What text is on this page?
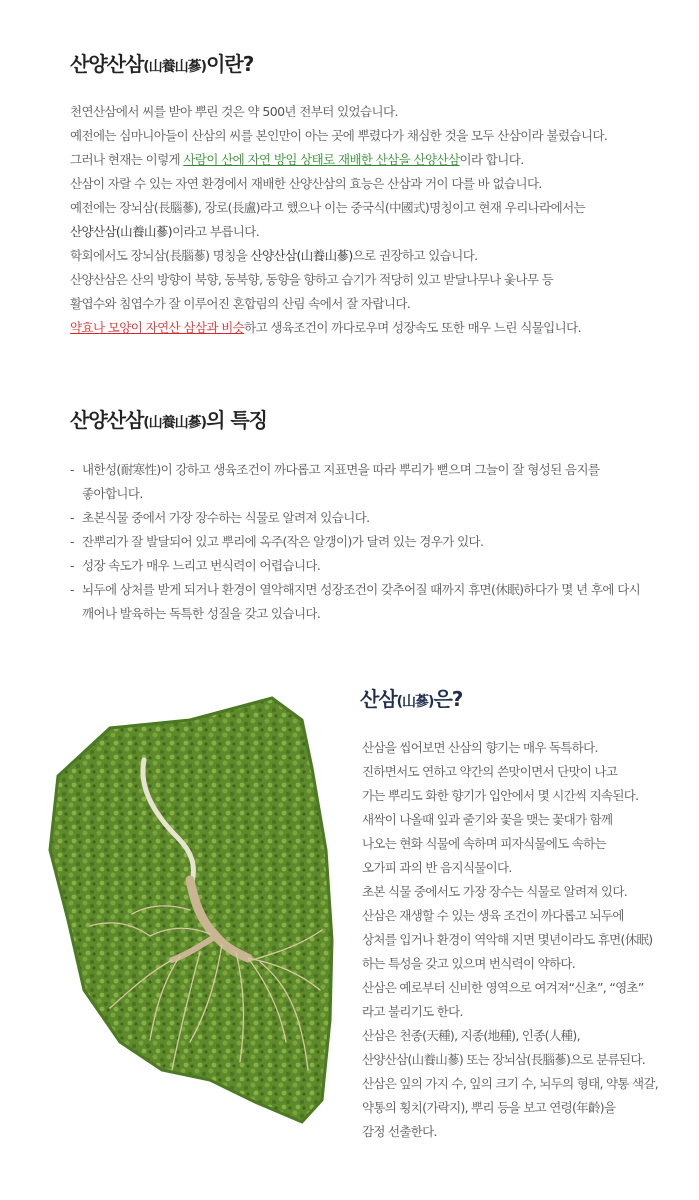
산양산삼(山養山蔘)이란?
천연산삼에서 씨를 받아 뿌린 것은 약 500년 전부터 있었습니다.
예전에는 심마니아들이 산삼의 씨를 본인만이 아는 곳에 뿌렸다가 채심한 것을 모두 산삼이라 불렀습니다.
그러나 현재는 이렇게 사람이 산에 자연 방임 상태로 재배한 산삼을 산양산삼이라 합니다.
산삼이 자랄 수 있는 자연 환경에서 재배한 산양산삼의 효능은 산삼과 거이 다를 바 없습니다.
예전에는 장뇌삼(長腦蔘), 장로(長盧)라고 했으나 이는 중국식(中國式)명칭이고 현재 우리나라에서는
산양산삼(山養山蔘)이라고 부릅니다.
학회에서도 장뇌삼(長腦蔘) 명칭을 산양산삼(山養山蔘)으로 권장하고 있습니다.
산양산삼은 산의 방향이 북향, 동북향, 동향을 향하고 습기가 적당히 있고 받달나무나 옻나무 등
활엽수와 침엽수가 잘 이루어진 혼합림의 산림 속에서 잘 자랍니다.
약효나 모양이 자연산 삼삼과 비슷하고 생육조건이 까다로우며 성장속도 또한 매우 느린 식물입니다.
산양산삼(山養山蔘)의 특징
- 내한성(耐寒性)이 강하고 생육조건이 까다롭고 지표면을 따라 뿌리가 뻗으며 그늘이 잘 형성된 음지를
좋아합니다.
- 초본식물 중에서 가장 장수하는 식물로 알려져 있습니다.
- 잔뿌리가 잘 발달되어 있고 뿌리에 옥주(작은 알갱이)가 달려 있는 경우가 있다.
- 성장 속도가 매우 느리고 번식력이 어렵습니다.
- 뇌두에 상처를 받게 되거나 환경이 열악해지면 성장조건이 갖추어질 때까지 휴면(休眠)하다가 몇 년 후에 다시
깨어나 발육하는 독특한 성질을 갖고 있습니다.
산삼(山蔘)은?
산삼을 씹어보면 산삼의 향기는 매우 독특하다.
진하면서도 연하고 약간의 쓴맛이면서 단맛이 나고
가는 뿌리도 화한 향기가 입안에서 몇 시간씩 지속된다.
새싹이 나올때 잎과 줄기와 꽃을 맺는 꽃대가 함께
나오는 현화 식물에 속하며 피자식물에도 속하는
오가피 과의 반 음지식물이다.
초본 식물 중에서도 가장 장수는 식물로 알려져 있다.
산삼은 재생할 수 있는 생육 조건이 까다롭고 뇌두에
상처를 입거나 환경이 역악해 지면 몇년이라도 휴면(休眠)
하는 특성을 갖고 있으며 번식력이 약하다.
산삼은 예로부터 신비한 영역으로 여겨져“신초”, “영초”
라고 불리기도 한다.
산삼은 천종(天種), 지종(地種), 인종(人種),
산양산삼(山養山蔘) 또는 장뇌삼(長腦蔘)으로 분류된다.
산삼은 잎의 가지 수, 잎의 크기 수, 뇌두의 형태, 약통 색갈,
약통의 횡치(가락지), 뿌리 등을 보고 연령(年齡)을
감정 선출한다.
